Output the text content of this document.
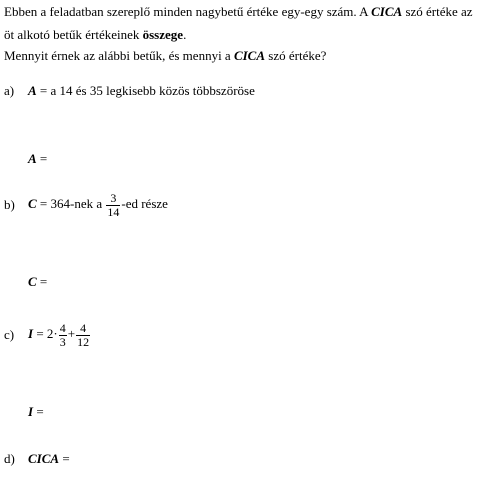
Ebben a feladatban szereplő minden nagybetű értéke egy-egy szám. A CICA szó értéke az
öt alkotó betűk értékeinek összege.
Mennyit érnek az alábbi betűk, és mennyi a CICA szó értéke?
a) A = a 14 és 35 legkisebb közös többszöröse
A =
b) C = 364-nek a $\frac{3}{14} -ed$ része
C =
c) $I = 2\cdot \frac{4}{3} + \frac{4}{12}$
I =
d) CICA =
